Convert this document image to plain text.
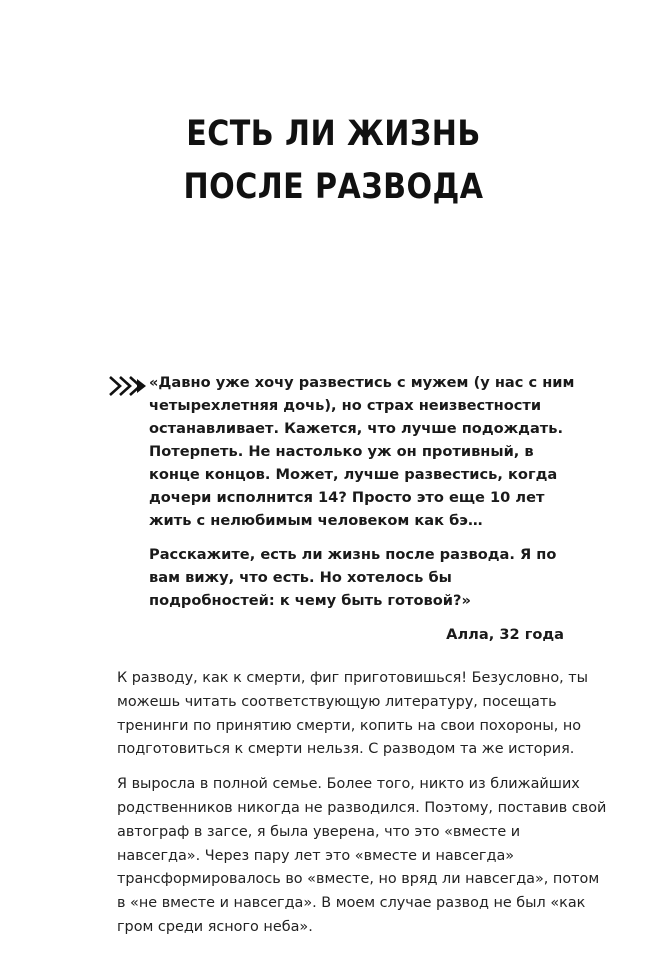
ЕСТЬ ЛИ ЖИЗНЬ
ПОСЛЕ РАЗВОДА

«Давно уже хочу развестись с мужем (у нас с ним четырехлетняя дочь), но страх неизвестности останавливает. Кажется, что лучше подождать. Потерпеть. Не настолько уж он противный, в конце концов. Может, лучше развестись, когда дочери исполнится 14? Просто это еще 10 лет жить с нелюбимым человеком как бэ…

Расскажите, есть ли жизнь после развода. Я по вам вижу, что есть. Но хотелось бы подробностей: к чему быть готовой?»

Алла, 32 года

К разводу, как к смерти, фиг приготовишься! Безусловно, ты можешь читать соответствующую литературу, посещать тренинги по принятию смерти, копить на свои похороны, но подготовиться к смерти нельзя. С разводом та же история.

Я выросла в полной семье. Более того, никто из ближайших родственников никогда не разводился. Поэтому, поставив свой автограф в загсе, я была уверена, что это «вместе и навсегда». Через пару лет это «вместе и навсегда» трансформировалось во «вместе, но вряд ли навсегда», потом в «не вместе и навсегда». В моем случае развод не был «как гром среди ясного неба».
